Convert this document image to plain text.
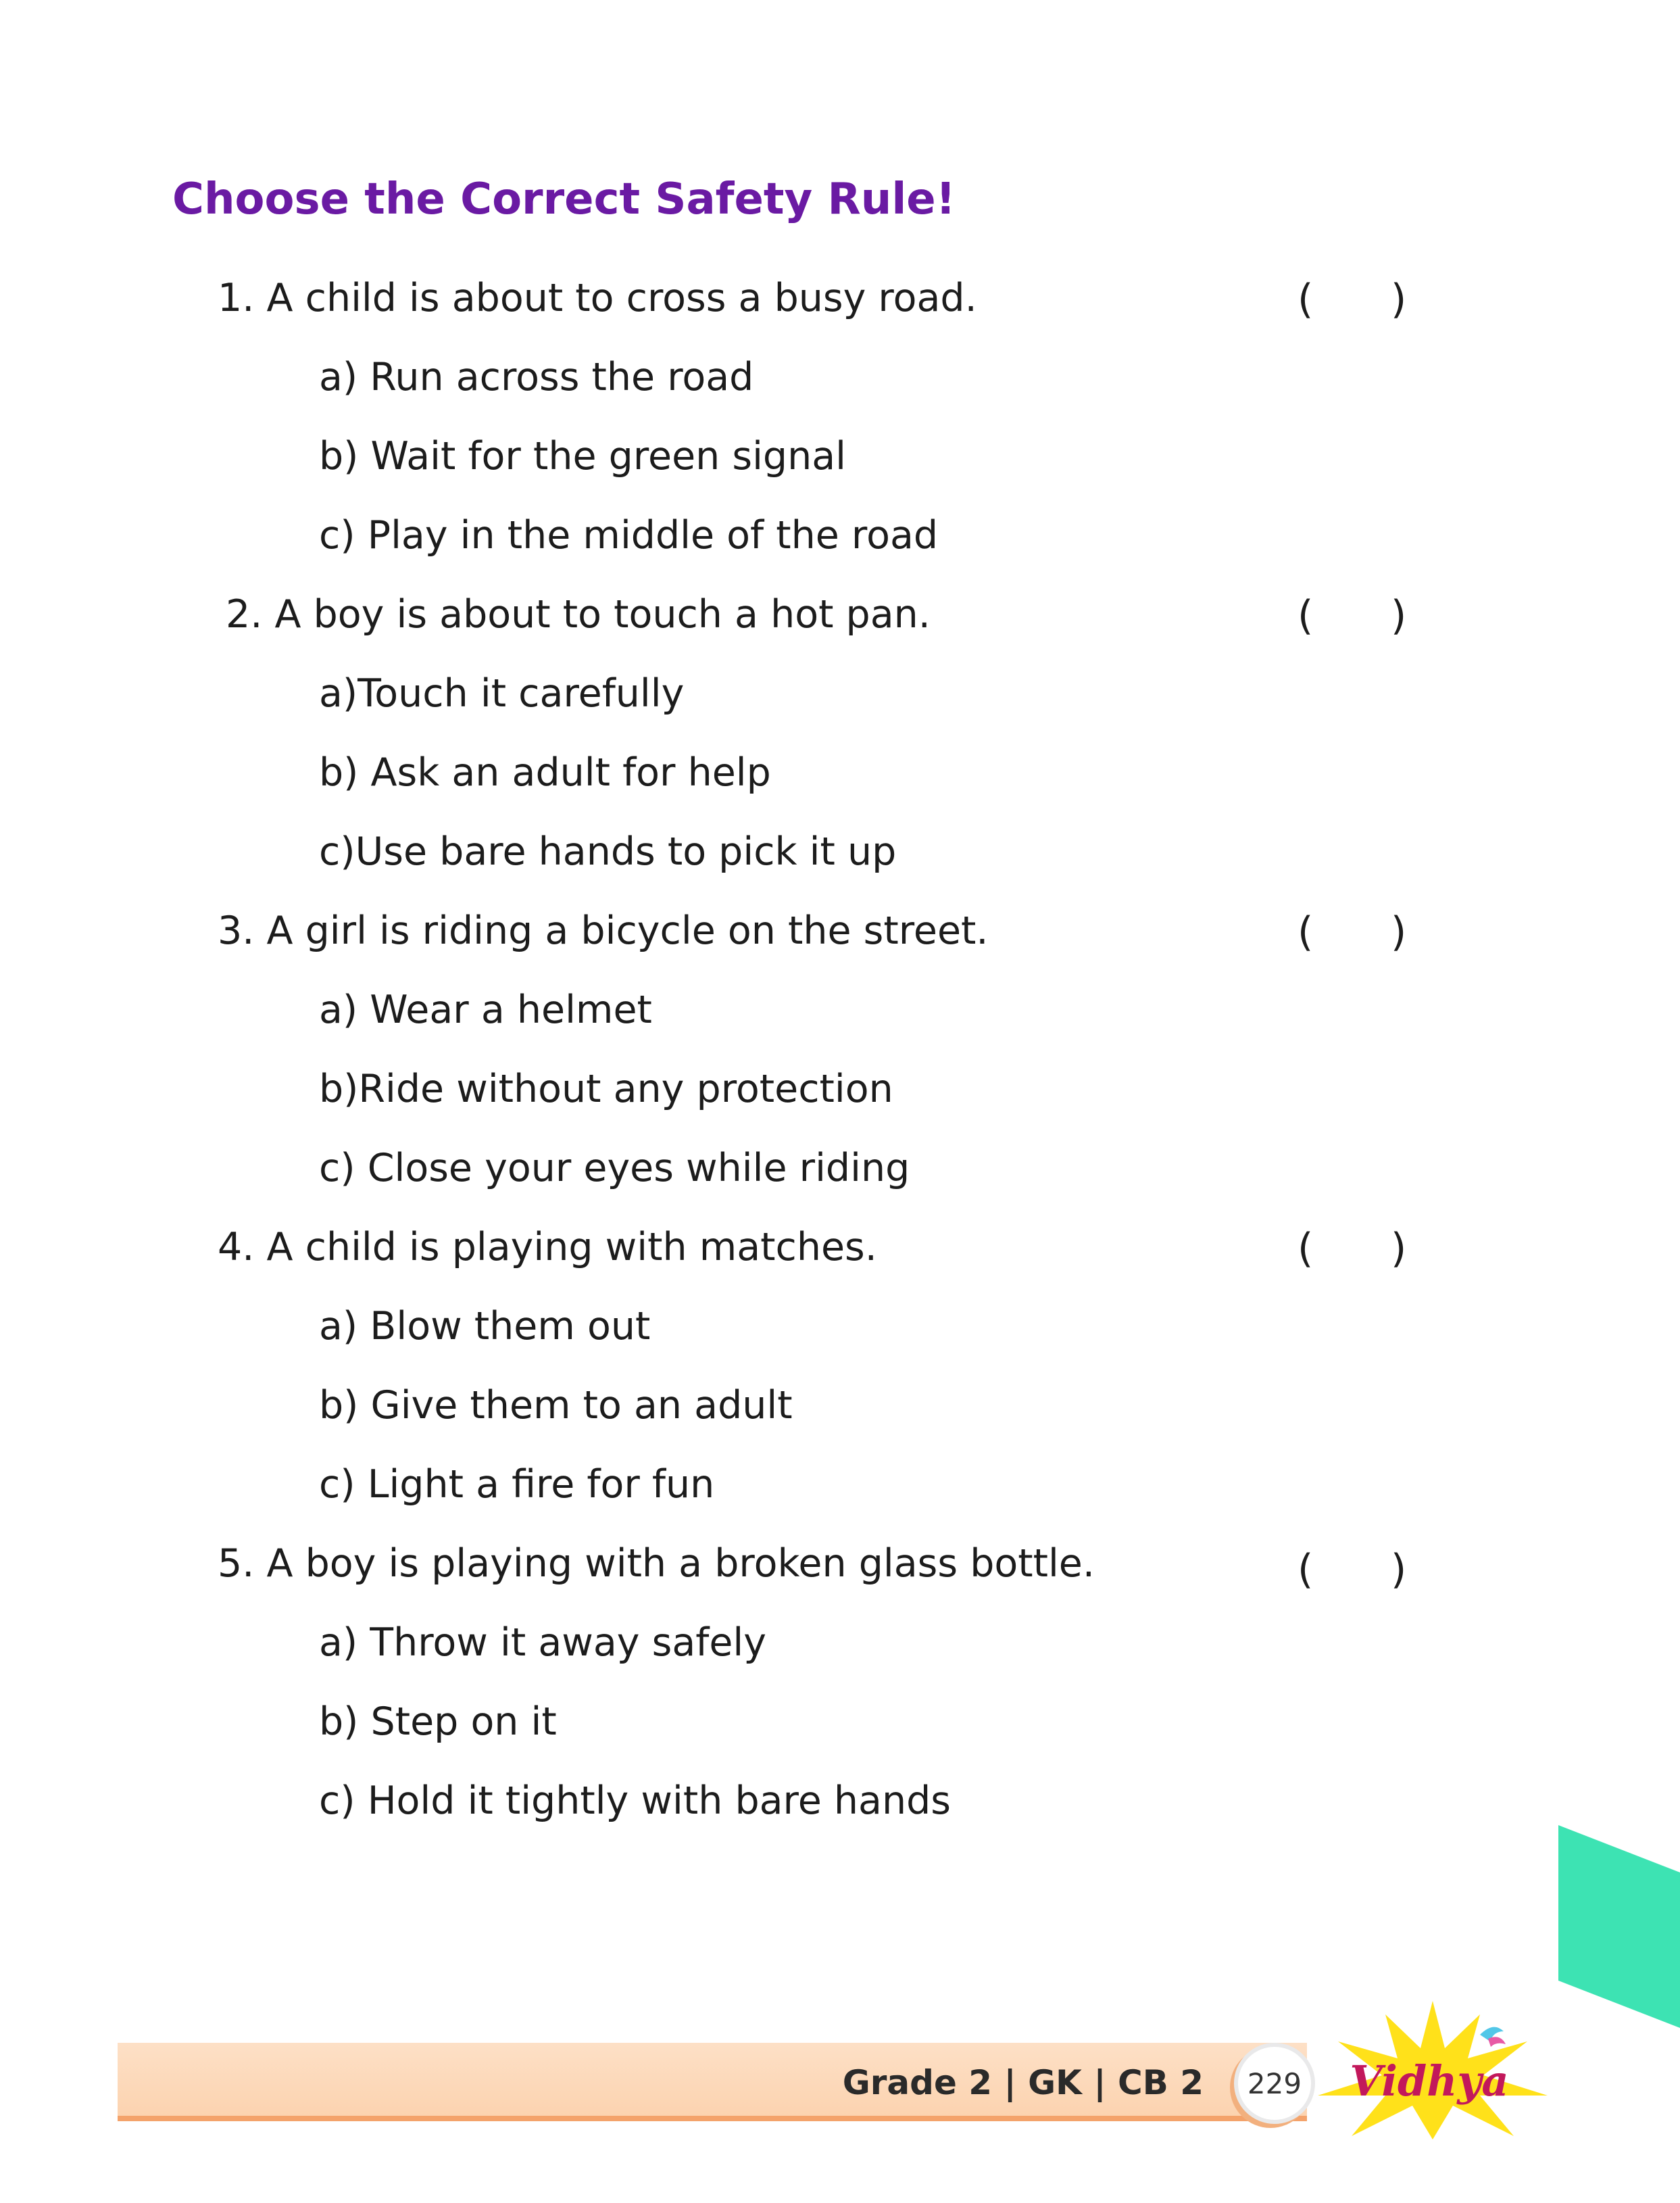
Choose the Correct Safety Rule!
1. A child is about to cross a busy road.	(      )
a) Run across the road
b) Wait for the green signal
c) Play in the middle of the road
2. A boy is about to touch a hot pan.	(      )
a)Touch it carefully
b) Ask an adult for help
c)Use bare hands to pick it up
3. A girl is riding a bicycle on the street.	(      )
a) Wear a helmet
b)Ride without any protection
c) Close your eyes while riding
4. A child is playing with matches.	(      )
a) Blow them out
b) Give them to an adult
c) Light a fire for fun
5. A boy is playing with a broken glass bottle.	(      )
a) Throw it away safely
b) Step on it
c) Hold it tightly with bare hands
Grade 2 | GK | CB 2	229	Vidhya
